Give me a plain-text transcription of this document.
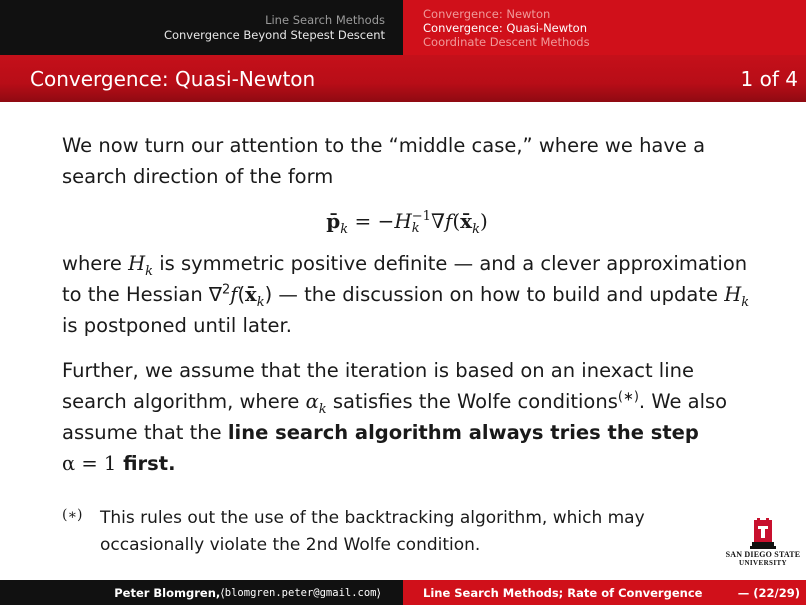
Line Search Methods
Convergence Beyond Stepest Descent
Convergence: Newton
Convergence: Quasi-Newton
Coordinate Descent Methods
Convergence: Quasi-Newton	1 of 4

We now turn our attention to the “middle case,” where we have a search direction of the form

$p̄_k = -H -1$
k $\nabla f(x̄_k)$

where $H_k$ is symmetric positive definite — and a clever approximation to the Hessian $\nabla^2f(x̄_k)$ — the discussion on how to build and update $H_k$ is postponed until later.

Further, we assume that the iteration is based on an inexact line search algorithm, where $\alpha_k$ satisfies the Wolfe conditions(∗). We also assume that the line search algorithm always tries the step
α = 1 first.

(∗)	This rules out the use of the backtracking algorithm, which may occasionally violate the 2nd Wolfe condition.	SAN DIEGO STATE
UNIVERSITY
Peter Blomgren, ⟨ blomgren.peter@gmail.com ⟩	Line Search Methods; Rate of Convergence	— (22/29)
